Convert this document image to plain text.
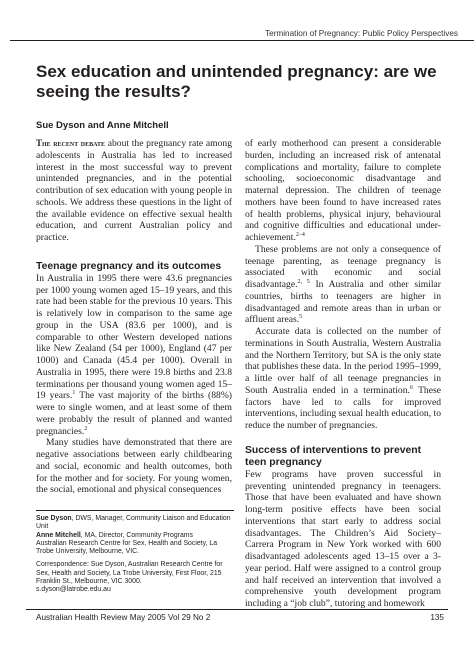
Termination of Pregnancy: Public Policy Perspectives
Sex education and unintended pregnancy: are we seeing the results?
Sue Dyson and Anne Mitchell

The recent debate about the pregnancy rate among adolescents in Australia has led to increased interest in the most successful way to prevent unintended pregnancies, and in the potential contribution of sex education with young people in schools. We address these questions in the light of the available evidence on effective sexual health education, and current Australian policy and practice.

Teenage pregnancy and its outcomes

In Australia in 1995 there were 43.6 pregnancies per 1000 young women aged 15–19 years, and this rate had been stable for the previous 10 years. This is relatively low in comparison to the same age group in the USA (83.6 per 1000), and is comparable to other Western developed nations like New Zealand (54 per 1000), England (47 per 1000) and Canada (45.4 per 1000). Overall in Australia in 1995, there were 19.8 births and 23.8 terminations per thousand young women aged 15–19 years.$^1$ The vast majority of the births (88%) were to single women, and at least some of them were probably the result of planned and wanted pregnancies.$^2$

Many studies have demonstrated that there are negative associations between early childbearing and social, economic and health outcomes, both for the mother and for society. For young women, the social, emotional and physical consequences

of early motherhood can present a considerable burden, including an increased risk of antenatal complications and mortality, failure to complete schooling, socioeconomic disadvantage and maternal depression. The children of teenage mothers have been found to have increased rates of health problems, physical injury, behavioural and cognitive difficulties and educational under-achievement.$^{2-4}$

These problems are not only a consequence of teenage parenting, as teenage pregnancy is associated with economic and social disadvantage.$^{2, 5}$ In Australia and other similar countries, births to teenagers are higher in disadvantaged and remote areas than in urban or affluent areas.$^5$

Accurate data is collected on the number of terminations in South Australia, Western Australia and the Northern Territory, but SA is the only state that publishes these data. In the period 1995–1999, a little over half of all teenage pregnancies in South Australia ended in a termination.$^6$ These factors have led to calls for improved interventions, including sexual health education, to reduce the number of pregnancies.

Success of interventions to prevent teen pregnancy

Few programs have proven successful in preventing unintended pregnancy in teenagers. Those that have been evaluated and have shown long-term positive effects have been social interventions that start early to address social disadvantages. The Children’s Aid Society–Carrera Program in New York worked with 600 disadvantaged adolescents aged 13–15 over a 3-year period. Half were assigned to a control group and half received an intervention that involved a comprehensive youth development program including a “job club”, tutoring and homework

Sue Dyson, DWS, Manager, Community Liaison and Education Unit

Anne Mitchell, MA, Director, Community Programs

Australian Research Centre for Sex, Health and Society, La Trobe University, Melbourne, VIC.

Correspondence: Sue Dyson, Australian Research Centre for Sex, Health and Society, La Trobe University, First Floor, 215 Franklin St., Melbourne, VIC 3000.

s.dyson@latrobe.edu.au

Australian Health Review May 2005 Vol 29 No 2	135
